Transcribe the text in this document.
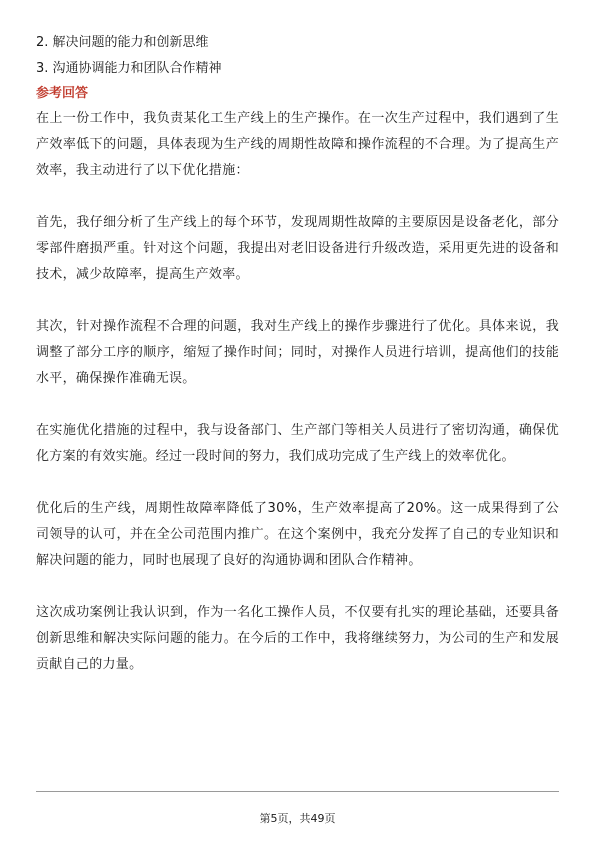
2. 解决问题的能力和创新思维

3. 沟通协调能力和团队合作精神

参考回答

在上一份工作中，我负责某化工生产线上的生产操作。在一次生产过程中，我们遇到了生产效率低下的问题，具体表现为生产线的周期性故障和操作流程的不合理。为了提高生产效率，我主动进行了以下优化措施：

首先，我仔细分析了生产线上的每个环节，发现周期性故障的主要原因是设备老化，部分零部件磨损严重。针对这个问题，我提出对老旧设备进行升级改造，采用更先进的设备和技术，减少故障率，提高生产效率。

其次，针对操作流程不合理的问题，我对生产线上的操作步骤进行了优化。具体来说，我调整了部分工序的顺序，缩短了操作时间；同时，对操作人员进行培训，提高他们的技能水平，确保操作准确无误。

在实施优化措施的过程中，我与设备部门、生产部门等相关人员进行了密切沟通，确保优化方案的有效实施。经过一段时间的努力，我们成功完成了生产线上的效率优化。

优化后的生产线，周期性故障率降低了30%，生产效率提高了20%。这一成果得到了公司领导的认可，并在全公司范围内推广。在这个案例中，我充分发挥了自己的专业知识和解决问题的能力，同时也展现了良好的沟通协调和团队合作精神。

这次成功案例让我认识到，作为一名化工操作人员，不仅要有扎实的理论基础，还要具备创新思维和解决实际问题的能力。在今后的工作中，我将继续努力，为公司的生产和发展贡献自己的力量。

第5页，共49页
